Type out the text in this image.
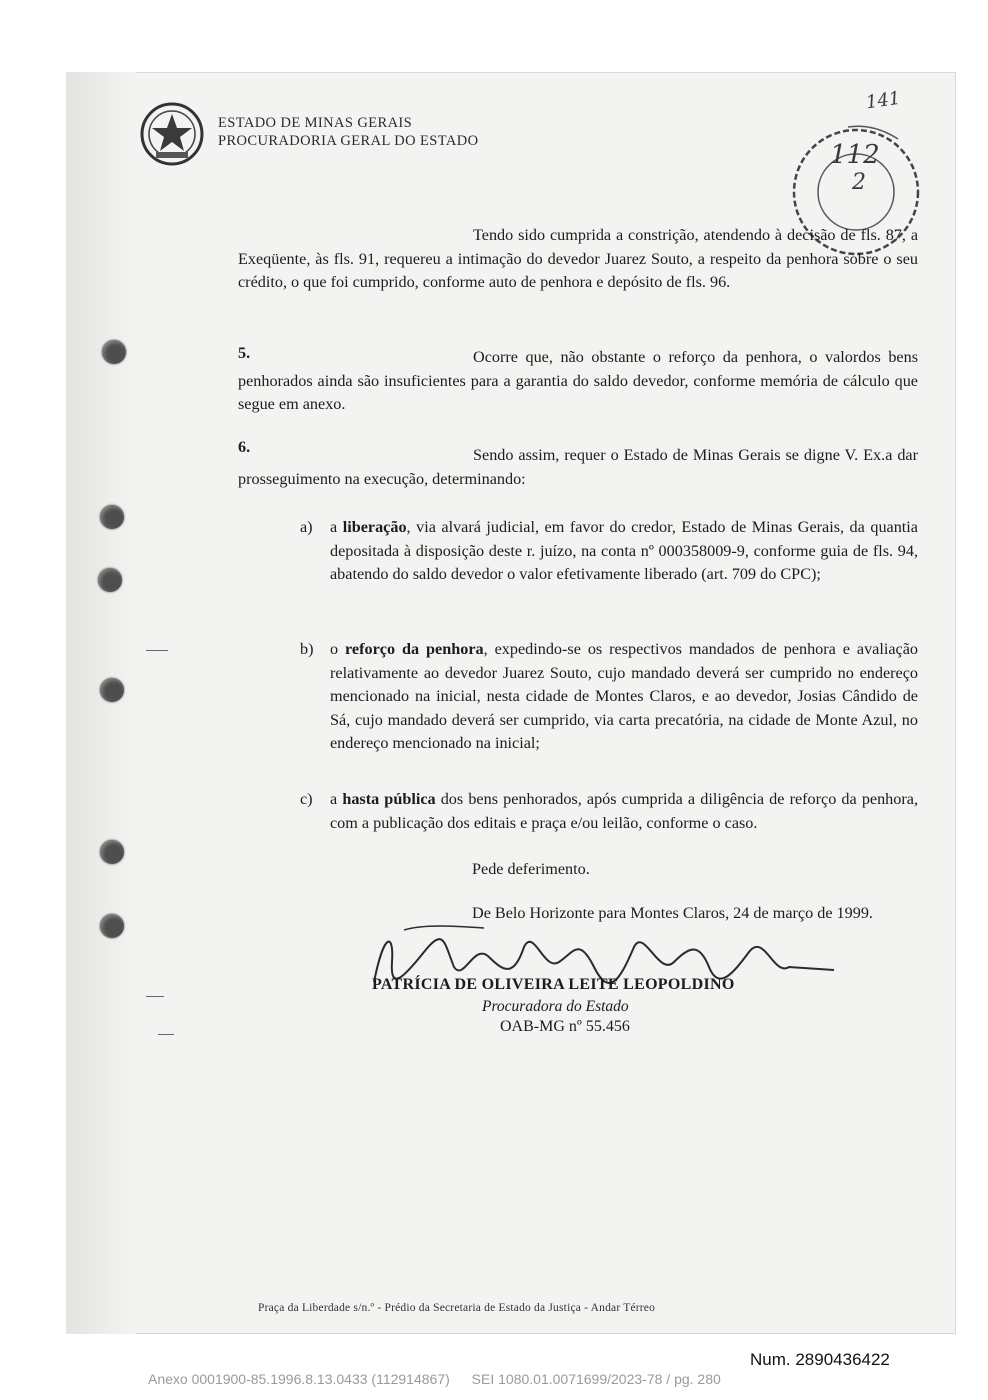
ESTADO DE MINAS GERAIS
PROCURADORIA GERAL DO ESTADO
141
112
2

Tendo sido cumprida a constrição, atendendo à decisão de fls. 87, a Exeqüente, às fls. 91, requereu a intimação do devedor Juarez Souto, a respeito da penhora sobre o seu crédito, o que foi cumprido, conforme auto de penhora e depósito de fls. 96.

5.	Ocorre que, não obstante o reforço da penhora, o valordos bens penhorados ainda são insuficientes para a garantia do saldo devedor, conforme memória de cálculo que segue em anexo.

6.	Sendo assim, requer o Estado de Minas Gerais se digne V. Ex.a dar prosseguimento na execução, determinando:

a) a liberação, via alvará judicial, em favor do credor, Estado de Minas Gerais, da quantia depositada à disposição deste r. juízo, na conta nº 000358009-9, conforme guia de fls. 94, abatendo do saldo devedor o valor efetivamente liberado (art. 709 do CPC);
b) o reforço da penhora, expedindo-se os respectivos mandados de penhora e avaliação relativamente ao devedor Juarez Souto, cujo mandado deverá ser cumprido no endereço mencionado na inicial, nesta cidade de Montes Claros, e ao devedor, Josias Cândido de Sá, cujo mandado deverá ser cumprido, via carta precatória, na cidade de Monte Azul, no endereço mencionado na inicial;
c) a hasta pública dos bens penhorados, após cumprida a diligência de reforço da penhora, com a publicação dos editais e praça e/ou leilão, conforme o caso.
Pede deferimento.
De Belo Horizonte para Montes Claros, 24 de março de 1999.
PATRÍCIA DE OLIVEIRA LEITE LEOPOLDINO
Procuradora do Estado
OAB-MG nº 55.456
Praça da Liberdade s/n.º - Prédio da Secretaria de Estado da Justiça - Andar Térreo
Num. 2890436422
Anexo 0001900-85.1996.8.13.0433 (112914867) SEI 1080.01.0071699/2023-78 / pg. 280
